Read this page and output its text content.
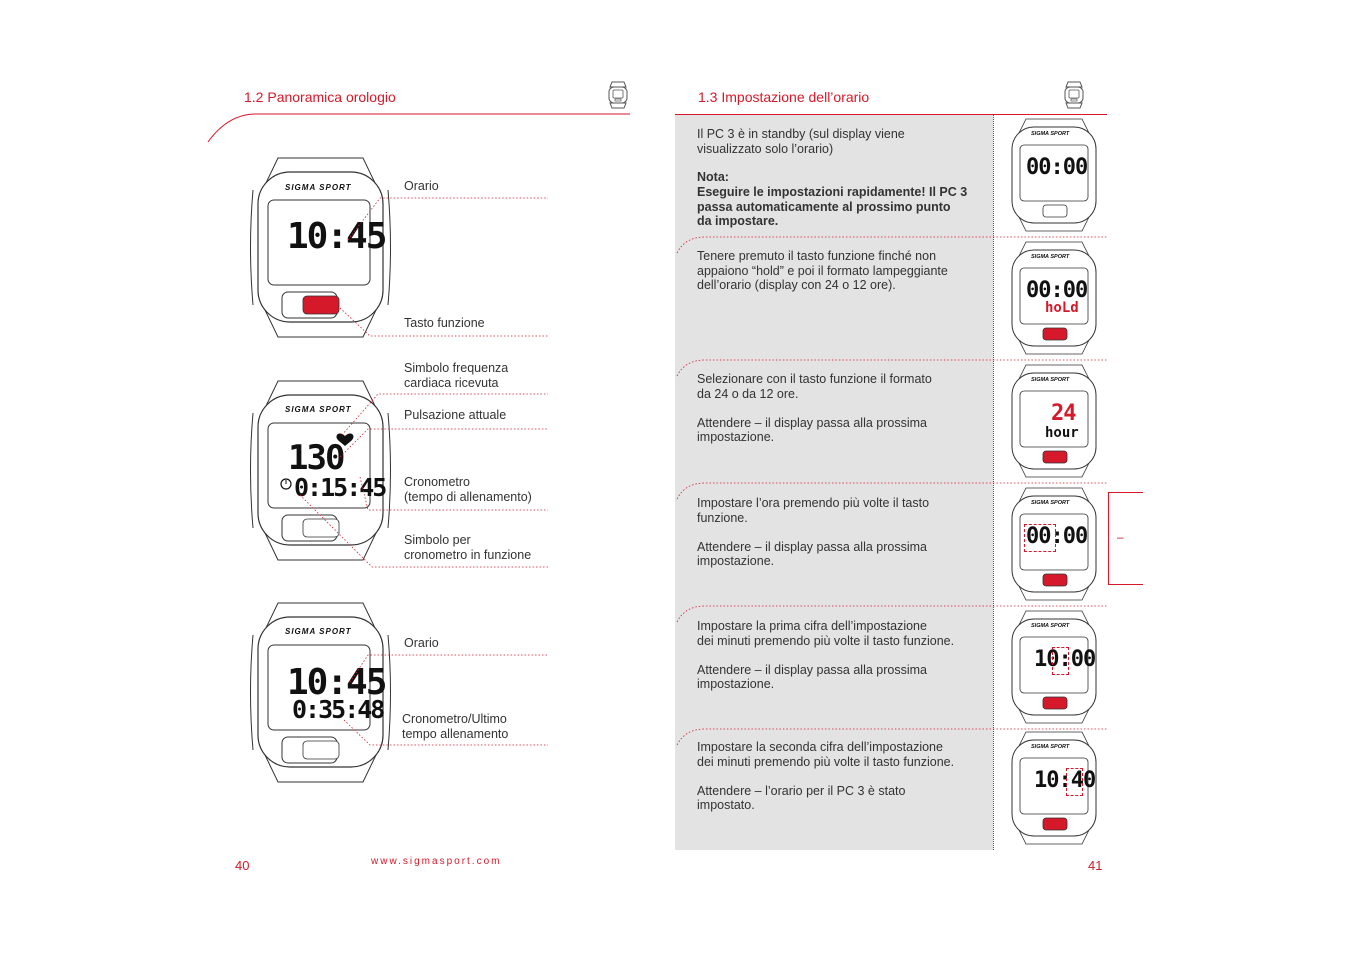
1.2 Panoramica orologio
SIGMA SPORT
10:45
Orario
Tasto funzione
SIGMA SPORT
130
0:15:45
Simbolo frequenza
cardiaca ricevuta
Pulsazione attuale
Cronometro
(tempo di allenamento)
Simbolo per
cronometro in funzione
SIGMA SPORT
10:45
0:35:48
Orario
Cronometro/Ultimo
tempo allenamento
40	www.sigmasport.com
1.3 Impostazione dell’orario
Il PC 3 è in standby (sul display viene
visualizzato solo l’orario)
Nota:
Eseguire le impostazioni rapidamente! Il PC 3
passa automaticamente al prossimo punto
da impostare.
Tenere premuto il tasto funzione finché non
appaiono “hold” e poi il formato lampeggiante
dell’orario (display con 24 o 12 ore).
Selezionare con il tasto funzione il formato
da 24 o da 12 ore.

Attendere – il display passa alla prossima
impostazione.
Impostare l’ora premendo più volte il tasto
funzione.

Attendere – il display passa alla prossima
impostazione.
Impostare la prima cifra dell’impostazione
dei minuti premendo più volte il tasto funzione.

Attendere – il display passa alla prossima
impostazione.
Impostare la seconda cifra dell’impostazione
dei minuti premendo più volte il tasto funzione.

Attendere – l’orario per il PC 3 è stato
impostato.
SIGMA SPORT
SIGMA SPORT
SIGMA SPORT
SIGMA SPORT
SIGMA SPORT
SIGMA SPORT
00:00
00:00
hoLd
24
hour
00:00
10:00
10:40
–
41
